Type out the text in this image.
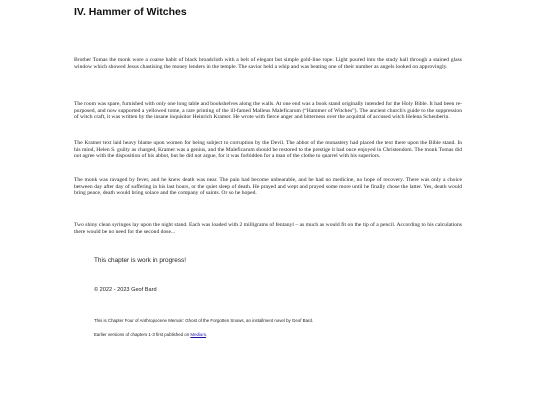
IV. Hammer of Witches

Brother Tomas the monk wore a coarse habit of black broadcloth with a belt of elegant but simple gold-line rope. Light poured into the study hall through a stained glass window which showed Jesus chastising the money lenders in the temple. The savior held a whip and was beating one of their number as angels looked on approvingly.

The room was spare, furnished with only one long table and bookshelves along the walls. At one end was a book stand originally intended for the Holy Bible. It had been re-purposed, and now supported a yellowed tome, a rare printing of the ill-famed Malleus Maleficarum (“Hammer of Witches”). The ancient church's guide to the suppression of witch craft, it was written by the insane inquisitor Heinrich Kramer. He wrote with fierce anger and bitterness over the acquittal of accused witch Helena Scheuberin.

The Kramer text laid heavy blame upon women for being subject to corruption by the Devil. The abbot of the monastery had placed the text there upon the Bible stand. In his mind, Helen S. guilty as charged, Kramer was a genius, and the Maleficarum should be restored to the prestige it had once enjoyed in Christendom. The monk Tomas did not agree with the disposition of his abbot, but he did not argue, for it was forbidden for a man of the clothe to quarrel with his superiors.

The monk was ravaged by fever, and he knew death was near. The pain had become unbearable, and he had no medicine, no hope of recovery. There was only a choice between day after day of suffering in his last hours, or the quiet sleep of death. He prayed and wept and prayed some more until he finally chose the latter. Yes, death would bring peace, death would bring solace and the company of saints. Or so he hoped.

Two shiny clean syringes lay upon the night stand. Each was loaded with 2 milligrams of fentanyl – as much as would fit on the tip of a pencil. According to his calculations there would be no need for the second dose...

This chapter is work in progress!

© 2022 - 2023 Geof Bard

This is Chapter Four of Anthropocene Memoir: Ghost of the Forgotten Snows, an installment novel by Geof Bard.

Earlier versions of chapters 1-3 first published on Medium.
